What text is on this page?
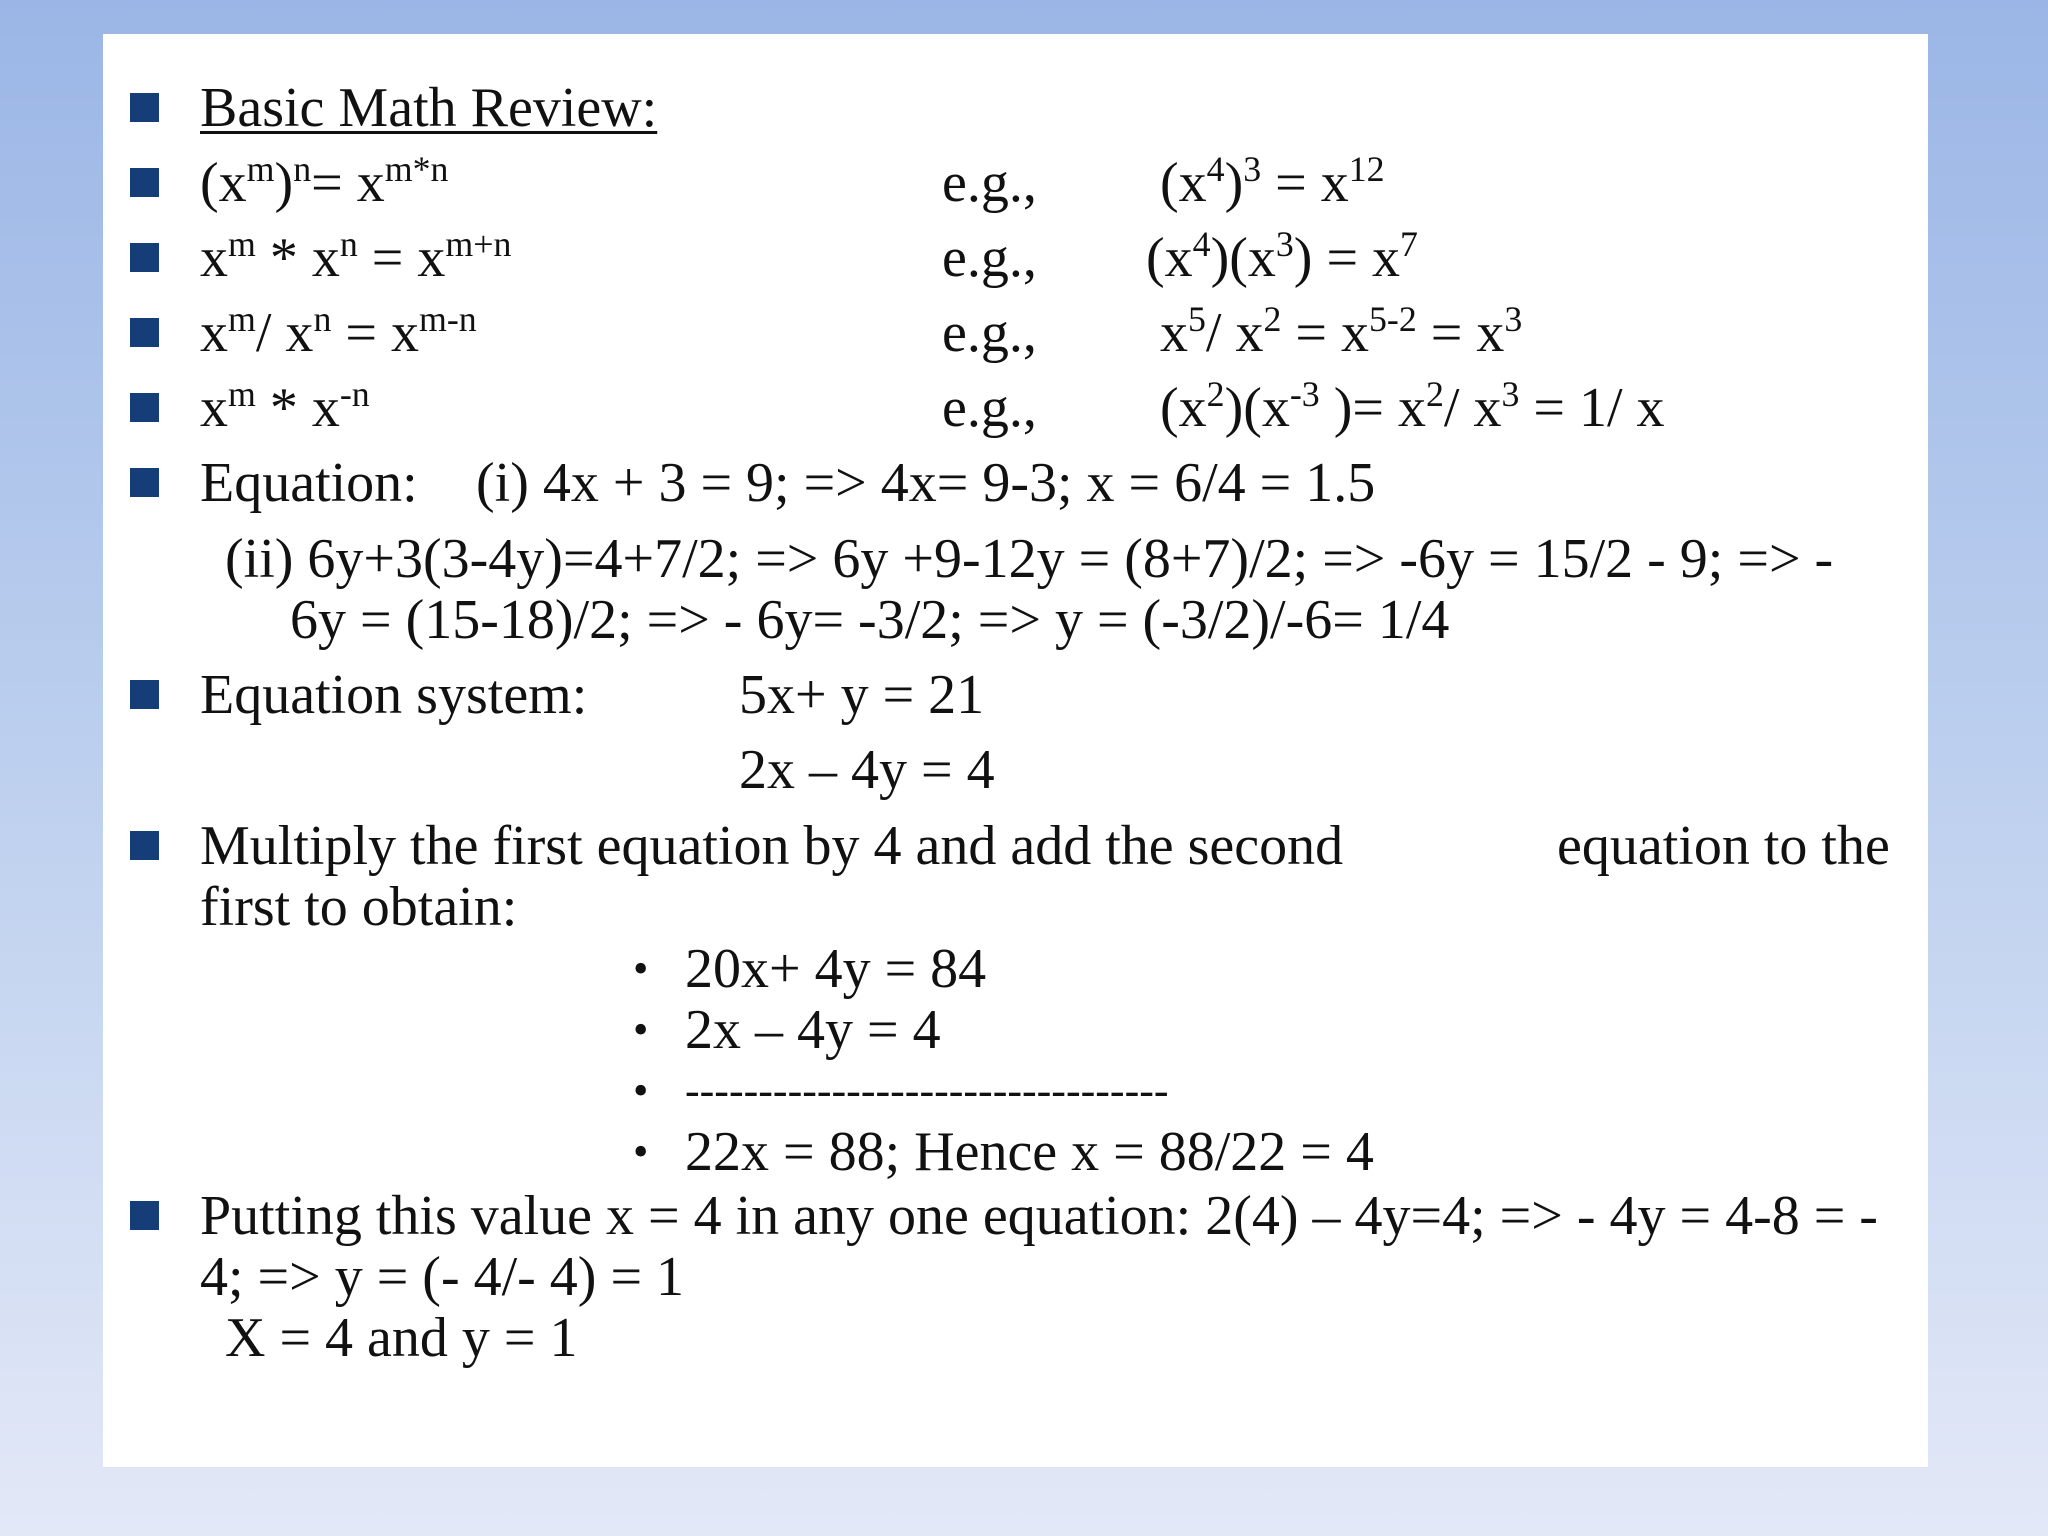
Basic Math Review:
$(x^m)^n= x^{m*n}$	e.g., $(x^4)^3 = x^{12}$
$x^m * x^n = x^{m+n}$	e.g., $(x^4)(x^3) = x^7$
$x^m/$ $x^n = x^{m-n}$	e.g., $x^5/$ $x^2 = x^{5-2} = x^3$
$x^m * x^{-n}$	e.g., $(x^2)(x^{-3}$ )= $x^2/$ $x^3 = 1/$ x
Equation: (i) 4x + 3 = 9; => 4x= 9-3; x = 6/4 = 1.5
(ii) 6y+3(3-4y)=4+7/2; => 6y +9-12y = (8+7)/2; => -6y = 15/2 - 9; => -
6y = (15-18)/2; => - 6y= -3/2; => y = (-3/2)/-6= 1/4
Equation system:	5x+ y = 21
2x – 4y = 4
Multiply the first equation by 4 and add the second	equation to the
first to obtain:
• 20x+ 4y = 84
• 2x – 4y = 4
• ---------------------------------
• 22x = 88; Hence x = 88/22 = 4
Putting this value x = 4 in any one equation: 2(4) – 4y=4; => - 4y = 4-8 = -
4; => y = (- 4/- 4) = 1
X = 4 and y = 1
